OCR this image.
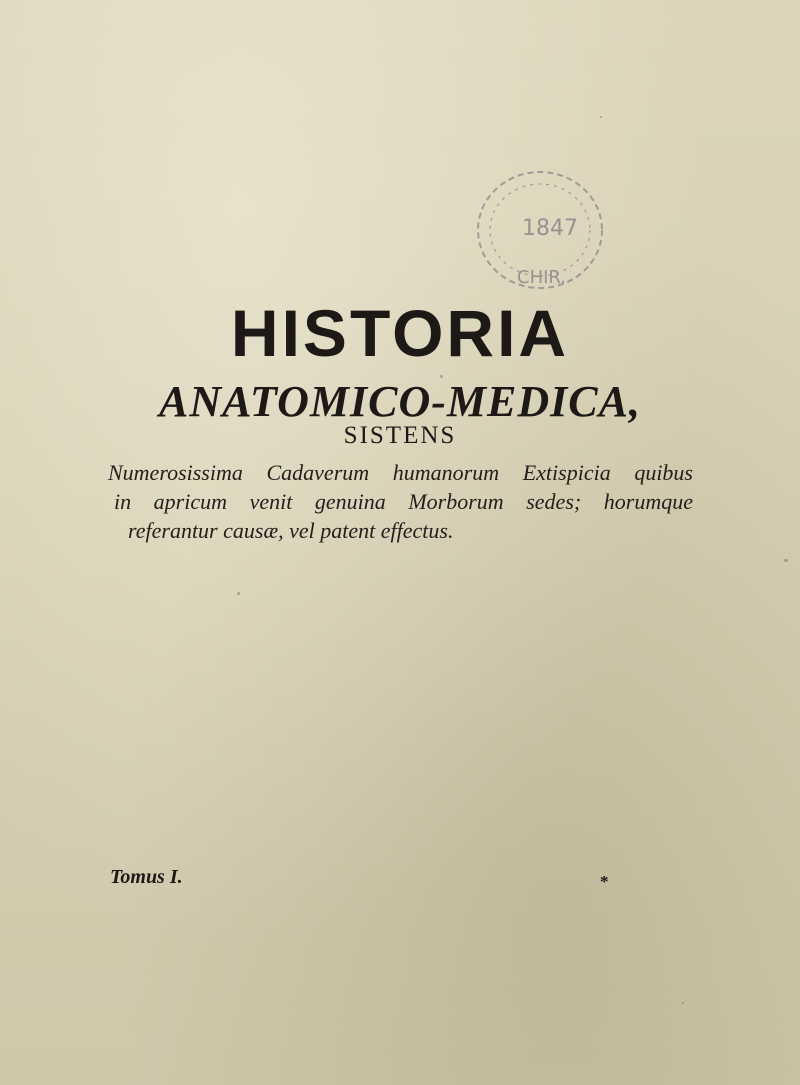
1847
CHIR.
HISTORIA
ANATOMICO-MEDICA,
SISTENS
Numerosissima Cadaverum humanorum Extispicia quibus
in apricum venit genuina Morborum sedes; horumque
referantur causæ, vel patent effectus.
Tomus I.	*
